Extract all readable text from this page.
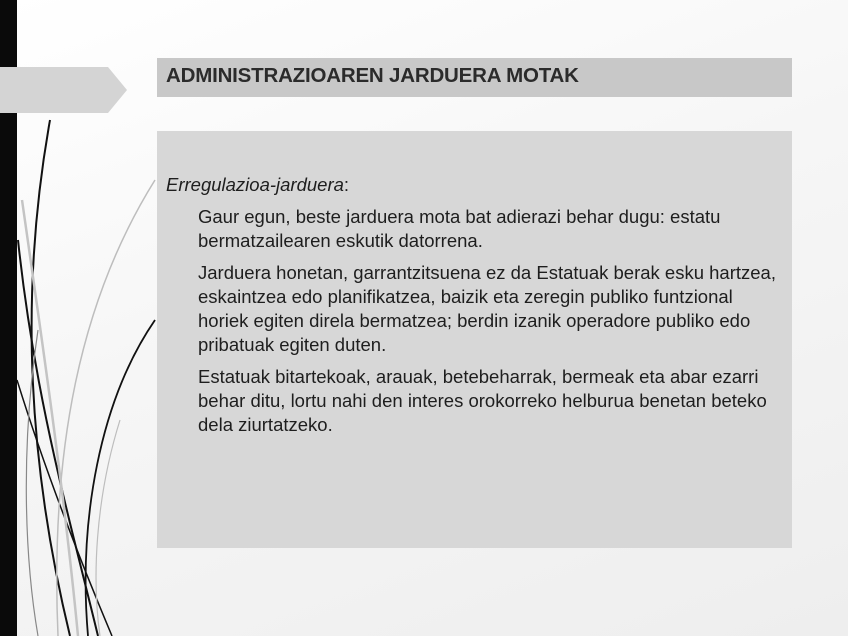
ADMINISTRAZIOAREN JARDUERA MOTAK

Erregulazioa-jarduera:

Gaur egun, beste jarduera mota bat adierazi behar dugu: estatu bermatzailearen eskutik datorrena.

Jarduera honetan, garrantzitsuena ez da Estatuak berak esku hartzea, eskaintzea edo planifikatzea, baizik eta zeregin publiko funtzional horiek egiten direla bermatzea; berdin izanik operadore publiko edo pribatuak egiten duten.

Estatuak bitartekoak, arauak, betebeharrak, bermeak eta abar ezarri behar ditu, lortu nahi den interes orokorreko helburua benetan beteko dela ziurtatzeko.
